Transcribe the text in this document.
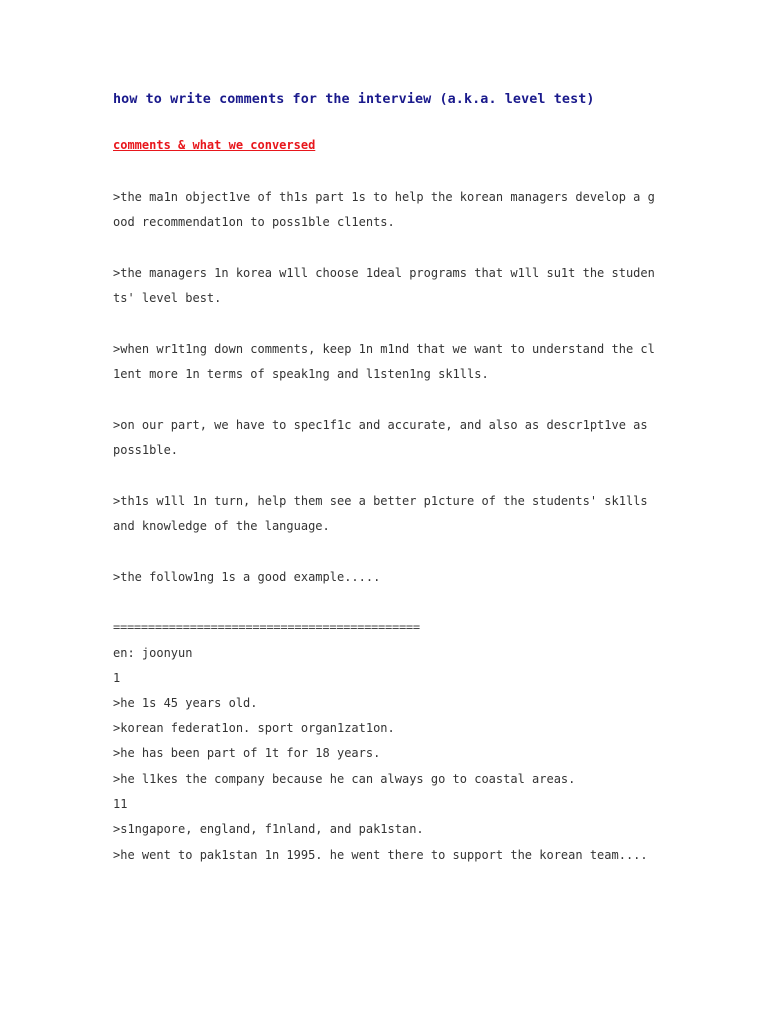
how to write comments for the interview (a.k.a. level test)
comments & what we conversed
>the ma1n object1ve of th1s part 1s to help the korean managers develop a good recommendat1on to poss1ble cl1ents.
>the managers 1n korea w1ll choose 1deal programs that w1ll su1t the students' level best.
>when wr1t1ng down comments, keep 1n m1nd that we want to understand the cl1ent more 1n terms of speak1ng and l1sten1ng sk1lls.
>on our part, we have to spec1f1c and accurate, and also as descr1pt1ve as poss1ble.
>th1s w1ll 1n turn, help them see a better p1cture of the students' sk1lls and knowledge of the language.
>the follow1ng 1s a good example.....
============================================
en: joonyun
1
>he 1s 45 years old.
>korean federat1on. sport organ1zat1on.
>he has been part of 1t for 18 years.
>he l1kes the company because he can always go to coastal areas.
11
>s1ngapore, england, f1nland, and pak1stan.
>he went to pak1stan 1n 1995. he went there to support the korean team....
